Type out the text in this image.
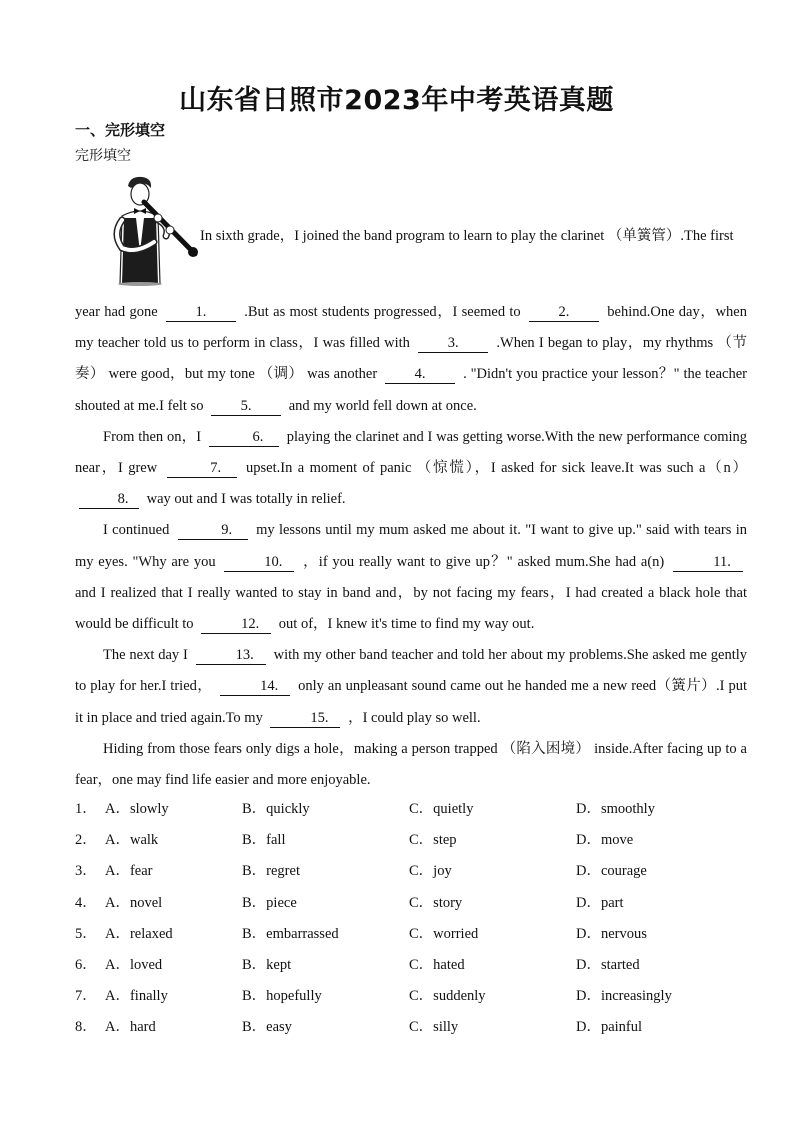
山东省日照市2023年中考英语真题
一、完形填空
完形填空
In sixth grade，I joined the band program to learn to play the clarinet （单簧管）.The first

year had gone	1.	.But as most students progressed，I seemed to	2.	behind.One day，when my teacher told us to perform in class，I was filled with	3.	.When I began to play，my rhythms （节奏） were good，but my tone （调） was another	4.	. "Didn't you practice your lesson？" the teacher shouted at me.I felt so	5.	and my world fell down at once.

From then on，I	6. playing the clarinet and I was getting worse.With the new performance coming near，I grew	7. upset.In a moment of panic （惊慌），I asked for sick leave.It was such a（n） 8. way out and I was totally in relief.

I continued	9. my lessons until my mum asked me about it. "I want to give up." said with tears in my eyes. "Why are you	10. ，if you really want to give up？" asked mum.She had a(n)	11. and I realized that I really wanted to stay in band and，by not facing my fears，I had created a black hole that would be difficult to	12. out of，I knew it's time to find my way out.

The next day I	13. with my other band teacher and told her about my problems.She asked me gently to play for her.I tried，	14. only an unpleasant sound came out he handed me a new reed（簧片）.I put it in place and tried again.To my	15. ，I could play so well.

Hiding from those fears only digs a hole，making a person trapped （陷入困境） inside.After facing up to a fear，one may find life easier and more enjoyable.

1． A．slowly	B．quickly	C．quietly	D．smoothly
2． A．walk	B．fall	C．step	D．move
3． A．fear	B．regret	C．joy	D．courage
4． A．novel	B．piece	C．story	D．part
5． A．relaxed	B．embarrassed	C．worried	D．nervous
6． A．loved	B．kept	C．hated	D．started
7． A．finally	B．hopefully	C．suddenly	D．increasingly
8． A．hard	B．easy	C．silly	D．painful
